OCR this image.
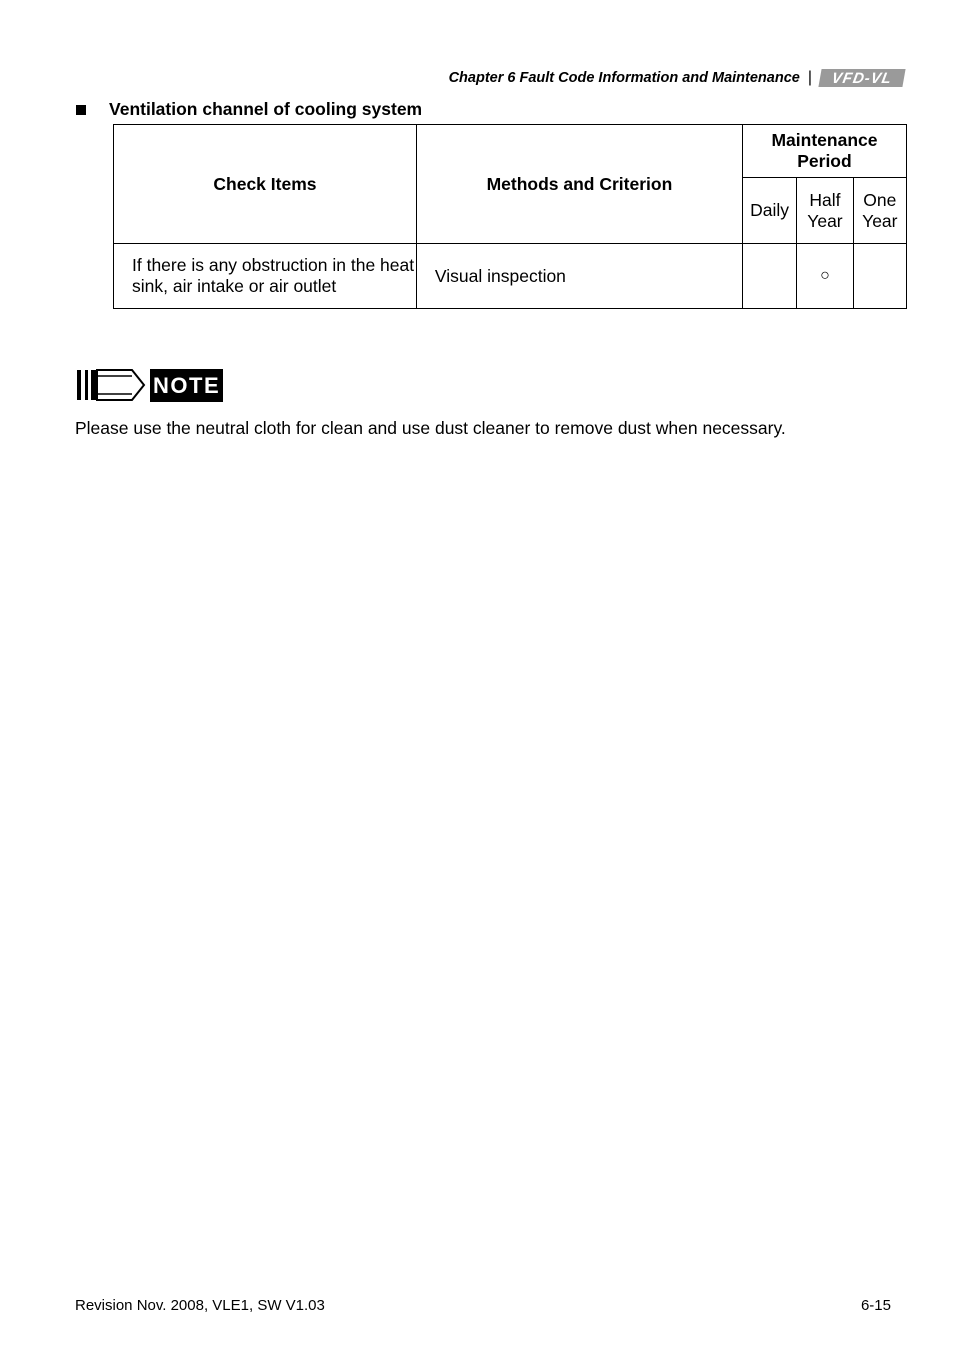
Chapter 6 Fault Code Information and Maintenance |	VFD-VL
Ventilation channel of cooling system
Check Items	Methods and Criterion	Maintenance Period		
		Daily	Half Year	One Year
If there is any obstruction in the heat sink, air intake or air outlet	Visual inspection		○	
NOTE
Please use the neutral cloth for clean and use dust cleaner to remove dust when necessary.
Revision Nov. 2008, VLE1, SW V1.03	6-15
